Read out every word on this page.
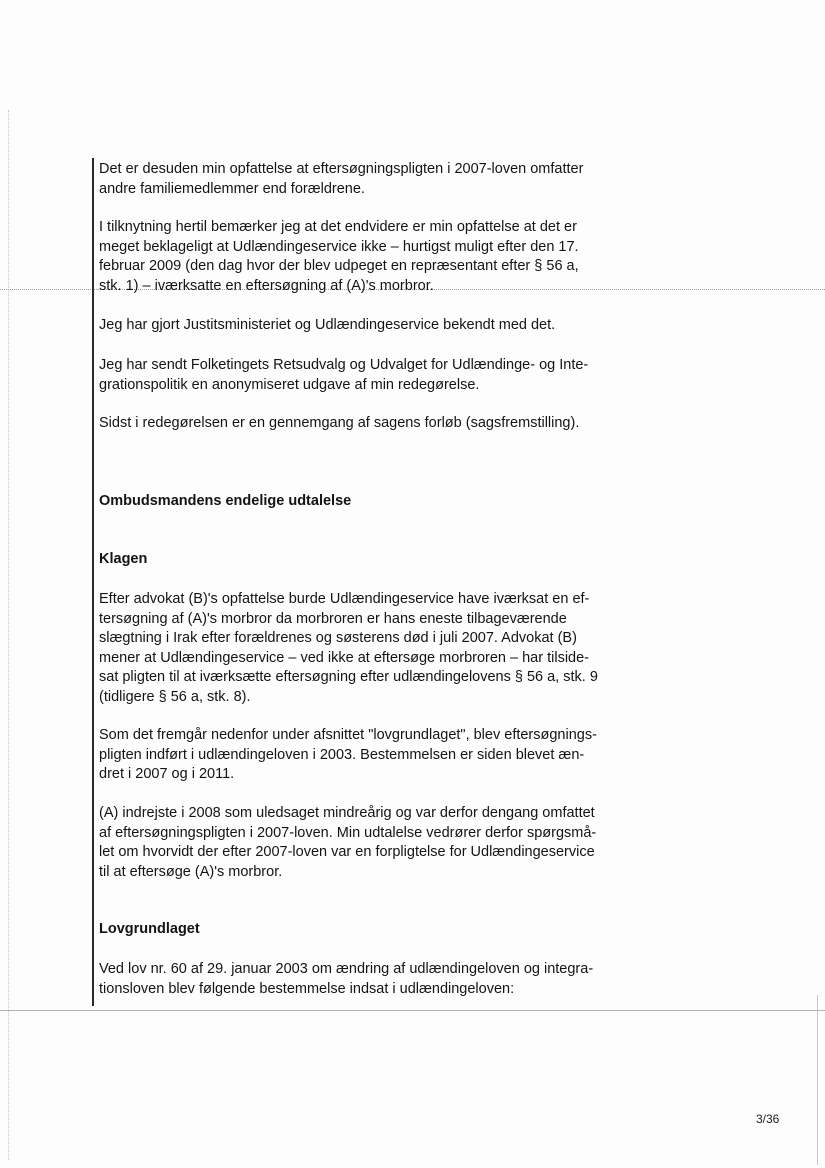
Det er desuden min opfattelse at eftersøgningspligten i 2007-loven omfatter
andre familiemedlemmer end forældrene.

I tilknytning hertil bemærker jeg at det endvidere er min opfattelse at det er
meget beklageligt at Udlændingeservice ikke – hurtigst muligt efter den 17.
februar 2009 (den dag hvor der blev udpeget en repræsentant efter § 56 a,
stk. 1) – iværksatte en eftersøgning af (A)'s morbror.

Jeg har gjort Justitsministeriet og Udlændingeservice bekendt med det.

Jeg har sendt Folketingets Retsudvalg og Udvalget for Udlændinge- og Inte-
grationspolitik en anonymiseret udgave af min redegørelse.

Sidst i redegørelsen er en gennemgang af sagens forløb (sagsfremstilling).

Ombudsmandens endelige udtalelse

Klagen

Efter advokat (B)'s opfattelse burde Udlændingeservice have iværksat en ef-
tersøgning af (A)'s morbror da morbroren er hans eneste tilbageværende
slægtning i Irak efter forældrenes og søsterens død i juli 2007. Advokat (B)
mener at Udlændingeservice – ved ikke at eftersøge morbroren – har tilside-
sat pligten til at iværksætte eftersøgning efter udlændingelovens § 56 a, stk. 9
(tidligere § 56 a, stk. 8).

Som det fremgår nedenfor under afsnittet "lovgrundlaget", blev eftersøgnings-
pligten indført i udlændingeloven i 2003. Bestemmelsen er siden blevet æn-
dret i 2007 og i 2011.

(A) indrejste i 2008 som uledsaget mindreårig og var derfor dengang omfattet
af eftersøgningspligten i 2007-loven. Min udtalelse vedrører derfor spørgsmå-
let om hvorvidt der efter 2007-loven var en forpligtelse for Udlændingeservice
til at eftersøge (A)'s morbror.

Lovgrundlaget

Ved lov nr. 60 af 29. januar 2003 om ændring af udlændingeloven og integra-
tionsloven blev følgende bestemmelse indsat i udlændingeloven:

3/36
